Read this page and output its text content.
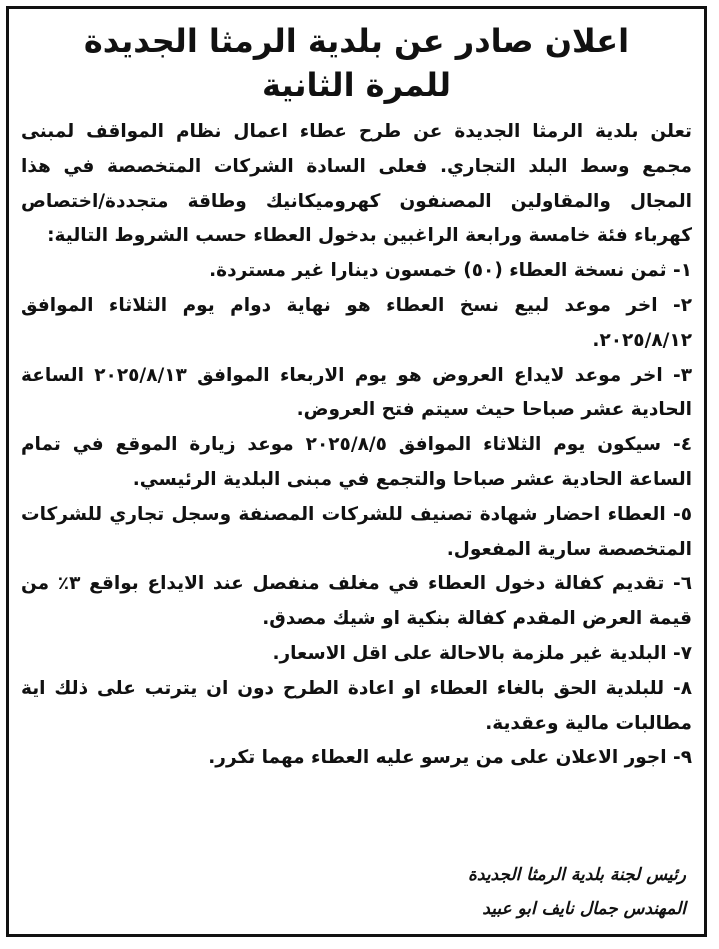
اعلان صادر عن بلدية الرمثا الجديدة
للمرة الثانية

تعلن بلدية الرمثا الجديدة عن طرح عطاء اعمال نظام المواقف لمبنى مجمع وسط البلد التجاري. فعلى السادة الشركات المتخصصة في هذا المجال والمقاولين المصنفون كهروميكانيك وطاقة متجددة/اختصاص كهرباء فئة خامسة ورابعة الراغبين بدخول العطاء حسب الشروط التالية:

١- ثمن نسخة العطاء (٥٠) خمسون دينارا غير مستردة.

٢- اخر موعد لبيع نسخ العطاء هو نهاية دوام يوم الثلاثاء الموافق ٢٠٢٥/٨/١٢.

٣- اخر موعد لايداع العروض هو يوم الاربعاء الموافق ٢٠٢٥/٨/١٣ الساعة الحادية عشر صباحا حيث سيتم فتح العروض.

٤- سيكون يوم الثلاثاء الموافق ٢٠٢٥/٨/٥ موعد زيارة الموقع في تمام الساعة الحادية عشر صباحا والتجمع في مبنى البلدية الرئيسي.

٥- العطاء احضار شهادة تصنيف للشركات المصنفة وسجل تجاري للشركات المتخصصة سارية المفعول.

٦- تقديم كفالة دخول العطاء في مغلف منفصل عند الايداع بواقع ٣٪ من قيمة العرض المقدم كفالة بنكية او شيك مصدق.

٧- البلدية غير ملزمة بالاحالة على اقل الاسعار.

٨- للبلدية الحق بالغاء العطاء او اعادة الطرح دون ان يترتب على ذلك اية مطالبات مالية وعقدية.

٩- اجور الاعلان على من يرسو عليه العطاء مهما تكرر.

رئيس لجنة بلدية الرمثا الجديدة
المهندس جمال نايف ابو عبيد
